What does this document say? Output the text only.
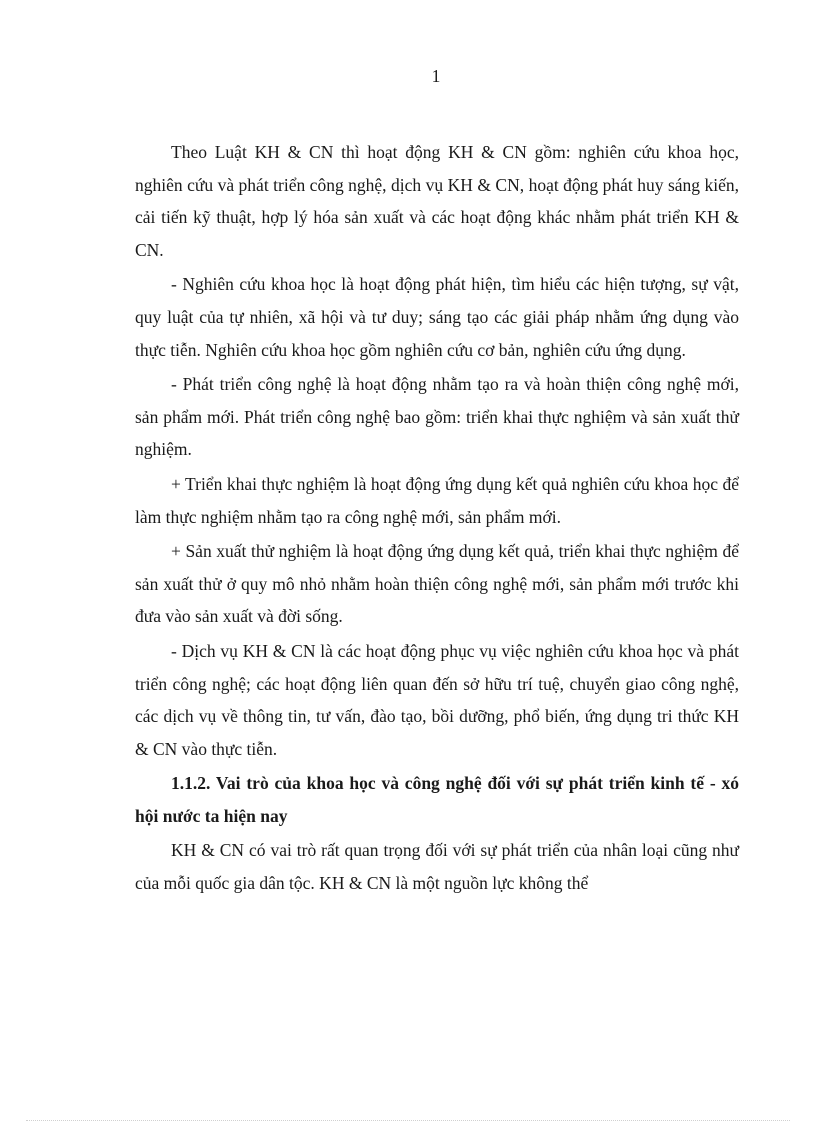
1

Theo Luật KH & CN thì hoạt động KH & CN gồm: nghiên cứu khoa học, nghiên cứu và phát triển công nghệ, dịch vụ KH & CN, hoạt động phát huy sáng kiến, cải tiến kỹ thuật, hợp lý hóa sản xuất và các hoạt động khác nhằm phát triển KH & CN.

- Nghiên cứu khoa học là hoạt động phát hiện, tìm hiểu các hiện tượng, sự vật, quy luật của tự nhiên, xã hội và tư duy; sáng tạo các giải pháp nhằm ứng dụng vào thực tiễn. Nghiên cứu khoa học gồm nghiên cứu cơ bản, nghiên cứu ứng dụng.

- Phát triển công nghệ là hoạt động nhằm tạo ra và hoàn thiện công nghệ mới, sản phẩm mới. Phát triển công nghệ bao gồm: triển khai thực nghiệm và sản xuất thử nghiệm.

+ Triển khai thực nghiệm là hoạt động ứng dụng kết quả nghiên cứu khoa học để làm thực nghiệm nhằm tạo ra công nghệ mới, sản phẩm mới.

+ Sản xuất thử nghiệm là hoạt động ứng dụng kết quả, triển khai thực nghiệm để sản xuất thử ở quy mô nhỏ nhằm hoàn thiện công nghệ mới, sản phẩm mới trước khi đưa vào sản xuất và đời sống.

- Dịch vụ KH & CN là các hoạt động phục vụ việc nghiên cứu khoa học và phát triển công nghệ; các hoạt động liên quan đến sở hữu trí tuệ, chuyển giao công nghệ, các dịch vụ về thông tin, tư vấn, đào tạo, bồi dưỡng, phổ biến, ứng dụng tri thức KH & CN vào thực tiễn.

1.1.2. Vai trò của khoa học và công nghệ đối với sự phát triển kinh tế - xó hội nước ta hiện nay

KH & CN có vai trò rất quan trọng đối với sự phát triển của nhân loại cũng như của mỗi quốc gia dân tộc. KH & CN là một nguồn lực không thể
